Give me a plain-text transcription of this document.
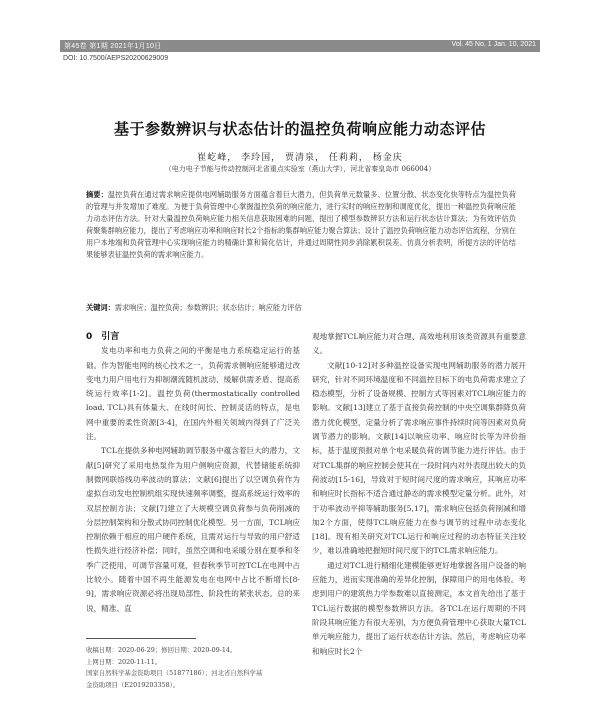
第45卷 第1期 2021年1月10日	Vol. 45 No. 1 Jan. 10, 2021
DOI: 10.7500/AEPS20200629009
基于参数辨识与状态估计的温控负荷响应能力动态评估
崔屹峰， 李玲国， 贾清泉， 任莉莉， 杨金庆
（电力电子节能与传动控制河北省重点实验室（燕山大学），河北省秦皇岛市 066004）
摘要：温控负荷在通过需求响应提供电网辅助服务方面蕴含着巨大潜力，但负荷单元数量多、位置分散、状态变化快等特点为温控负荷的管理与并发增加了难度。为便于负荷管理中心掌握温控负荷的响应能力，进行实时的响应控制和调度优化，提出一种温控负荷响应能力动态评估方法。针对大量温控负荷响应能力相关信息获取困难的问题，提出了模型参数辨识方法和运行状态估计算法；为有效评估负荷聚集群响应能力，提出了考虑响应功率和响应时长2个指标的集群响应能力聚合算法；设计了温控负荷响应能力动态评估流程，分别在用户本地端和负荷管理中心实现响应能力的精确计算和简化估计，并通过周期性同步消除累积误差。仿真分析表明，所提方法的评估结果能够表征温控负荷的需求响应能力。
关键词：需求响应；温控负荷；参数辨识；状态估计；响应能力评估

0　引言

发电功率和电力负荷之间的平衡是电力系统稳定运行的基础。作为智能电网的核心技术之一，负荷需求侧响应能够通过改变电力用户用电行为抑制潮流随机波动、缓解供需矛盾、提高系统运行效率[1-2]。温控负荷(thermostatically controlled load, TCL)具有体量大、在线时间长、控制灵活的特点，是电网中重要的柔性资源[3-4]，在国内外相关领域内得到了广泛关注。

TCL在提供多种电网辅助调节服务中蕴含着巨大的潜力，文献[5]研究了采用电热泵作为用户侧响应资源，代替储能系统抑制微网联络线功率波动的算法；文献[6]提出了以空调负荷作为虚拟自动发电控制机组实现快速频率调整，提高系统运行效率的双层控制方法；文献[7]建立了大规模空调负荷参与负荷削减的分层控制架构和分散式协同控制优化模型。另一方面，TCL响应控制依赖于相应的用户硬件系统，且需对运行与导致的用户舒适性损失进行经济补偿；同时，虽然空调和电采暖分别在夏季和冬季广泛使用，可调节容量可观，但春秋季节可控TCL在电网中占比较小。随着中国不再生能源发电在电网中占比不断增长[8-9]，需求响应资源必将出现局部性、阶段性的紧张状态。总的来说，精准、直

观地掌握TCL响应能力对合理、高效地利用该类资源具有重要意义。

文献[10-12]对多种温控设备实现电网辅助服务的潜力展开研究，针对不同环境温度和不同温控目标下的电负荷需求建立了稳态模型，分析了设备规模、控制方式等因素对TCL响应能力的影响。文献[13]建立了基于直接负荷控制的中央空调集群降负荷潜力优化模型，定量分析了需求响应事件持续时间等因素对负荷调节潜力的影响。文献[14]以响应功率、响应时长等为评价指标，基于温度预报对单个电采暖负荷的调节能力进行评估。由于对TCL集群的响应控制会使其在一段时间内对外表现出较大的负荷波动[15-16]，导致对于短时间尺度的需求响应，其响应功率和响应时长指标不适合通过静态的需求模型定量分析。此外，对于功率波动平抑等辅助服务[5,17]，需求响应包括负荷削减和增加2个方面，使得TCL响应能力在参与调节的过程中动态变化[18]。现有相关研究对TCL运行和响应过程的动态特征关注较少，难以准确地把握短时间尺度下的TCL需求响应能力。

通过对TCL进行精细化建模能够更好地掌握各用户设备的响应能力，进而实现准确的差异化控制，保障用户的用电体验。考虑到用户的建筑热力学参数难以直接测定，本文首先给出了基于TCL运行数据的模型参数辨识方法。各TCL在运行周期的不同阶段其响应能力有很大差别，为方便负荷管理中心获取大量TCL单元响应能力，提出了运行状态估计方法。然后，考虑响应功率和响应时长2个

收稿日期：2020-06-29；修回日期：2020-09-14。
上网日期：2020-11-11。
国家自然科学基金资助项目（51877186）；河北省自然科学基
金资助项目（E2019203358）。
